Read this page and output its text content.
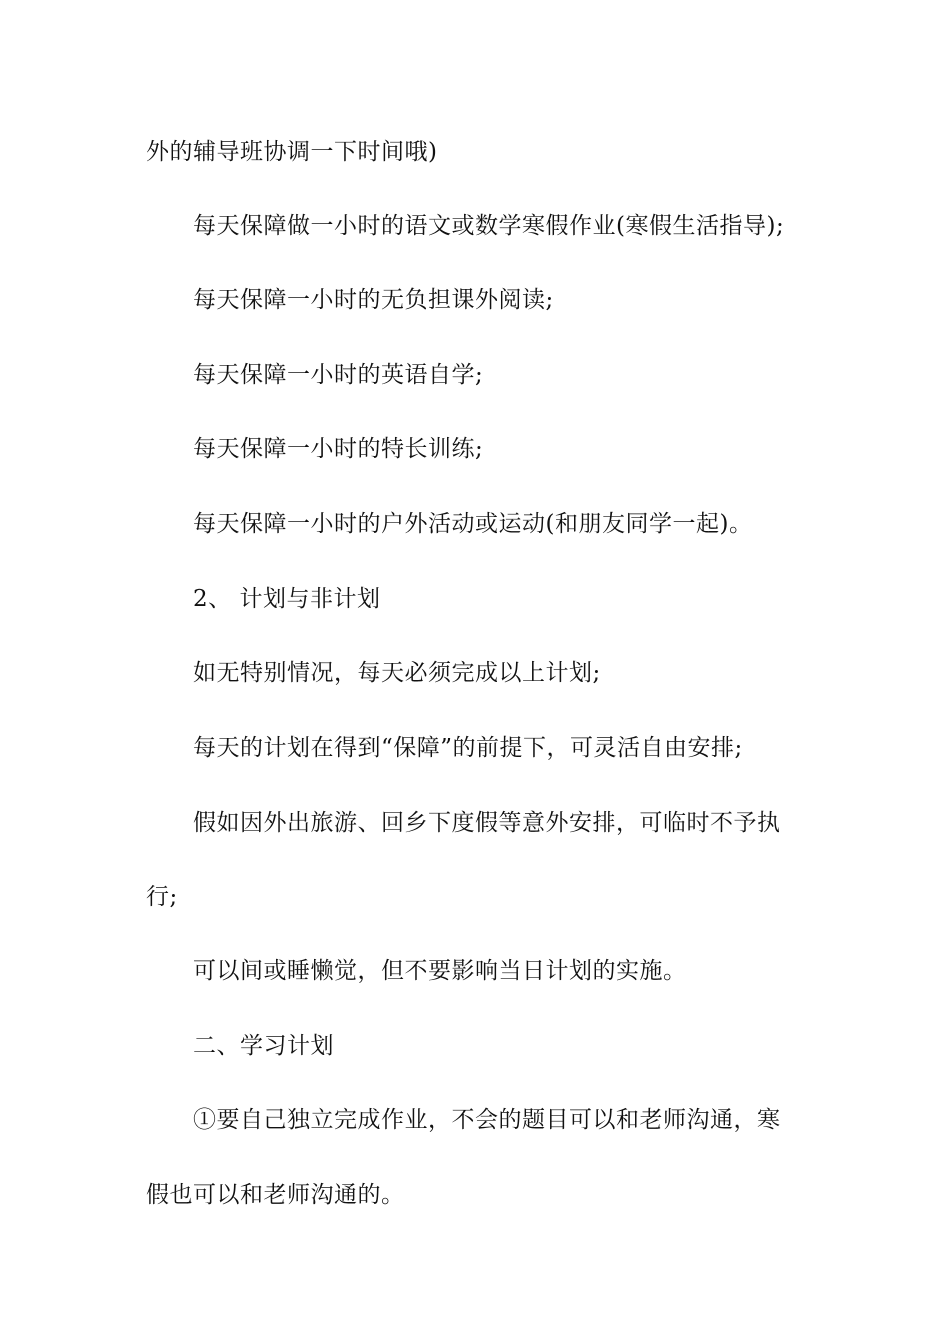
外的辅导班协调一下时间哦)
每天保障做一小时的语文或数学寒假作业(寒假生活指导);
每天保障一小时的无负担课外阅读;
每天保障一小时的英语自学;
每天保障一小时的特长训练;
每天保障一小时的户外活动或运动(和朋友同学一起)。
2、 计划与非计划
如无特别情况，每天必须完成以上计划;
每天的计划在得到“保障”的前提下，可灵活自由安排;
假如因外出旅游、回乡下度假等意外安排，可临时不予执
行;
可以间或睡懒觉，但不要影响当日计划的实施。
二、学习计划
①要自己独立完成作业，不会的题目可以和老师沟通，寒
假也可以和老师沟通的。
